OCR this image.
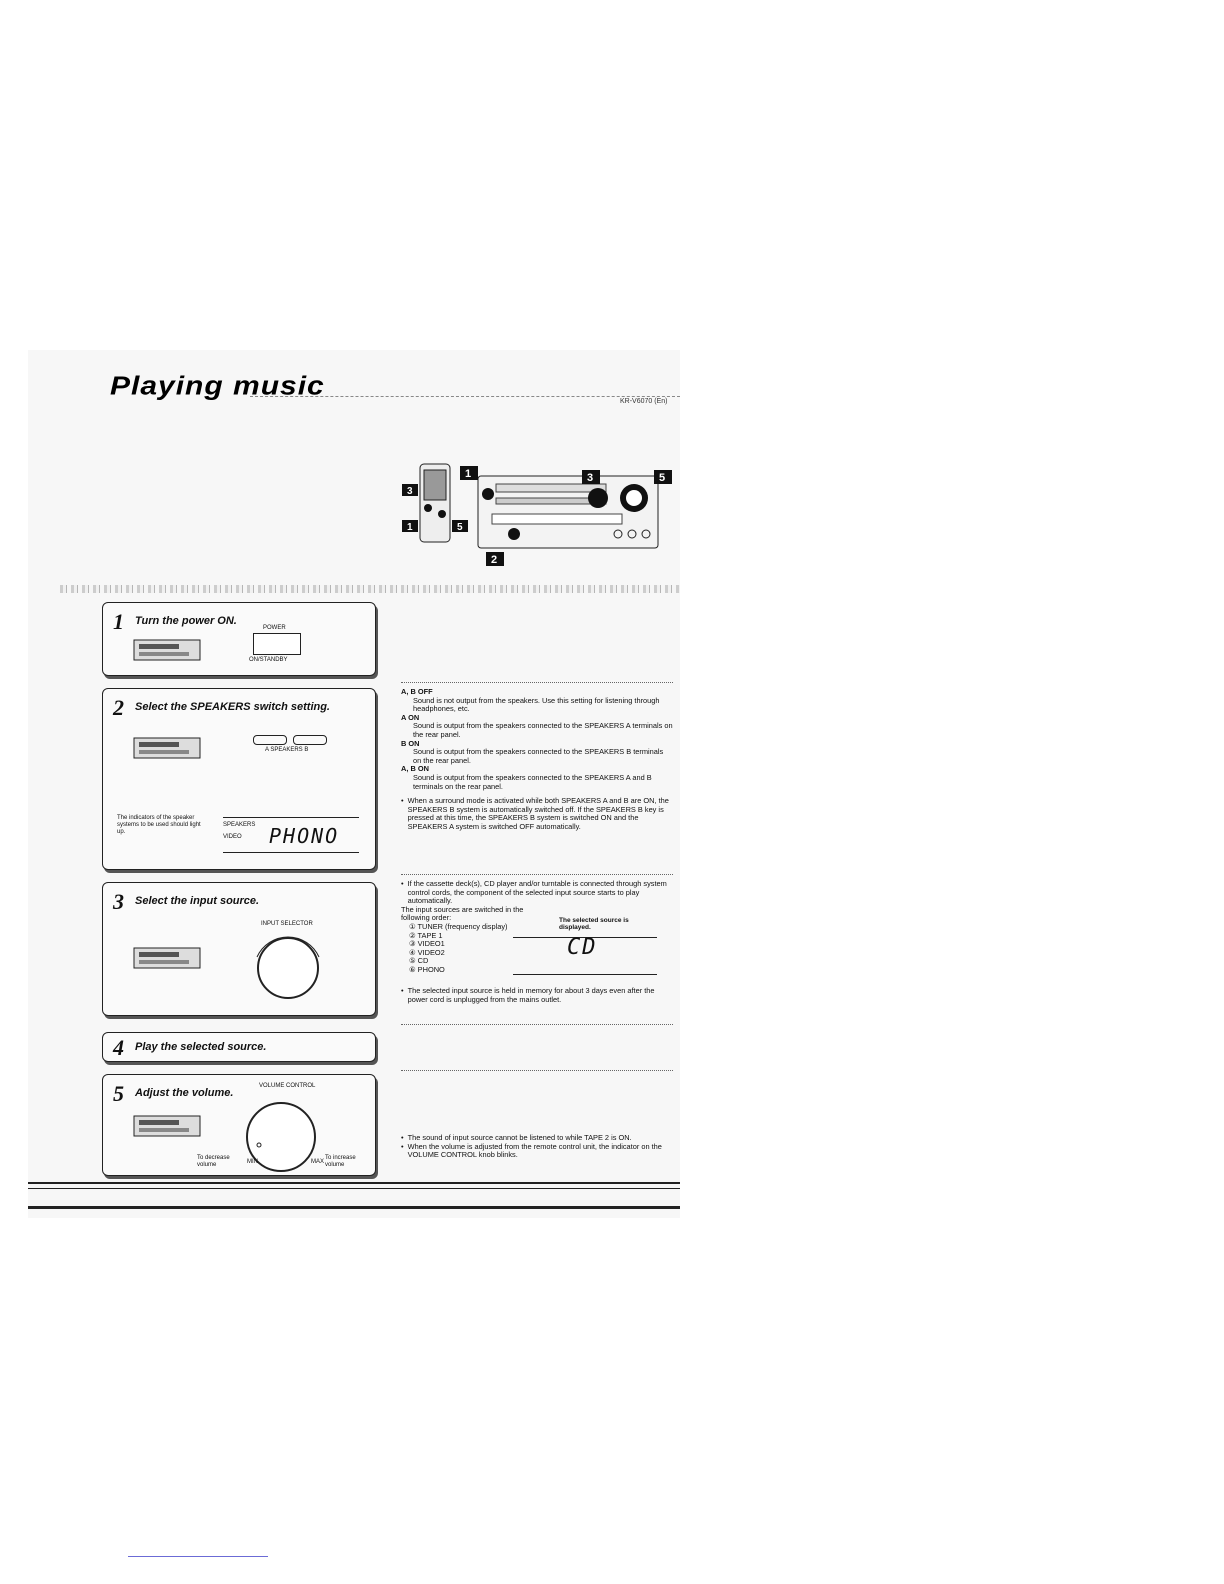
Playing music
KR-V6070 (En)
3
1	5
1	3	5
2
1 Turn the power ON.
POWER
ON/STANDBY
2 Select the SPEAKERS switch setting.
A SPEAKERS B
The indicators of the speaker systems to be used should light up.
SPEAKERS
VIDEO PHONO
3 Select the input source.
INPUT SELECTOR
4 Play the selected source.
5 Adjust the volume.
VOLUME CONTROL
To decrease volume	MIN	MAX
To increase volume
A, B OFF
Sound is not output from the speakers. Use this setting for listening through headphones, etc.
A ON
Sound is output from the speakers connected to the SPEAKERS A terminals on the rear panel.
B ON
Sound is output from the speakers connected to the SPEAKERS B terminals on the rear panel.
A, B ON
Sound is output from the speakers connected to the SPEAKERS A and B terminals on the rear panel.
• When a surround mode is activated while both SPEAKERS A and B are ON, the SPEAKERS B system is automatically switched off. If the SPEAKERS B key is pressed at this time, the SPEAKERS B system is switched ON and the SPEAKERS A system is switched OFF automatically.
• If the cassette deck(s), CD player and/or turntable is connected through system control cords, the component of the selected input source starts to play automatically.
The input sources are switched in the following order:
① TUNER (frequency display)
② TAPE 1
③ VIDEO1
④ VIDEO2
⑤ CD
⑥ PHONO
The selected source is displayed.
CD
• The selected input source is held in memory for about 3 days even after the power cord is unplugged from the mains outlet.
• The sound of input source cannot be listened to while TAPE 2 is ON.
• When the volume is adjusted from the remote control unit, the indicator on the VOLUME CONTROL knob blinks.
